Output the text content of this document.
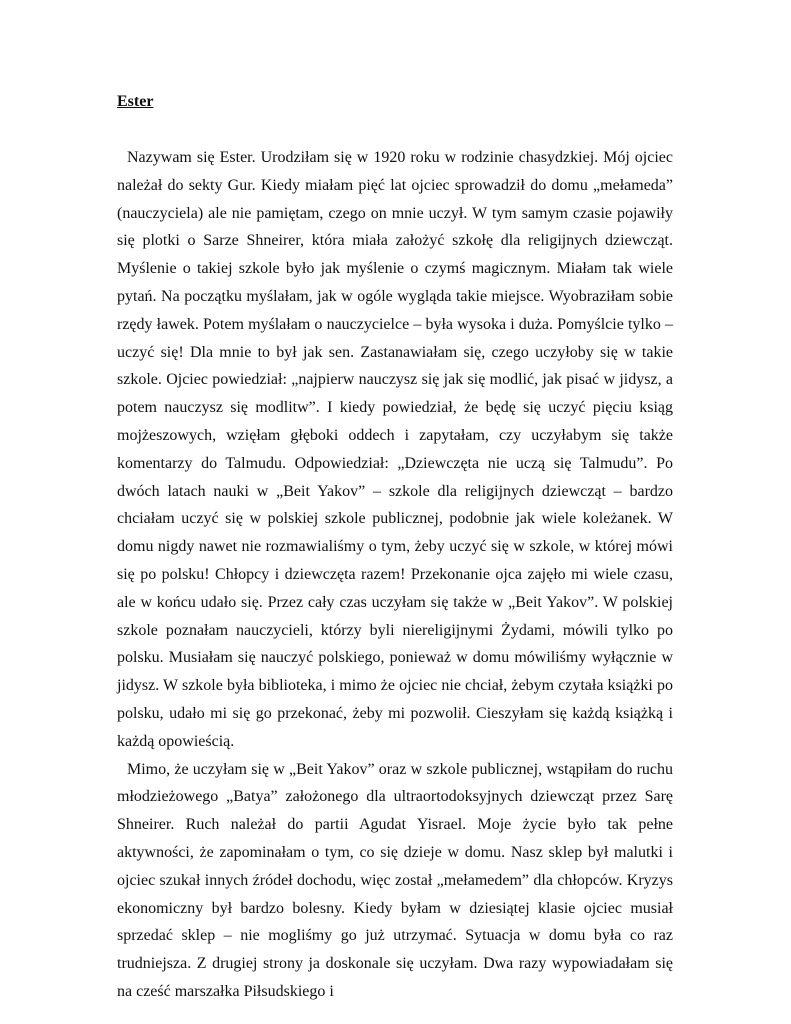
Ester

Nazywam się Ester. Urodziłam się w 1920 roku w rodzinie chasydzkiej. Mój ojciec należał do sekty Gur. Kiedy miałam pięć lat ojciec sprowadził do domu „mełameda” (nauczyciela) ale nie pamiętam, czego on mnie uczył. W tym samym czasie pojawiły się plotki o Sarze Shneirer, która miała założyć szkołę dla religijnych dziewcząt. Myślenie o takiej szkole było jak myślenie o czymś magicznym. Miałam tak wiele pytań. Na początku myślałam, jak w ogóle wygląda takie miejsce. Wyobraziłam sobie rzędy ławek. Potem myślałam o nauczycielce – była wysoka i duża. Pomyślcie tylko – uczyć się! Dla mnie to był jak sen. Zastanawiałam się, czego uczyłoby się w takie szkole. Ojciec powiedział: „najpierw nauczysz się jak się modlić, jak pisać w jidysz, a potem nauczysz się modlitw”. I kiedy powiedział, że będę się uczyć pięciu ksiąg mojżeszowych, wzięłam głęboki oddech i zapytałam, czy uczyłabym się także komentarzy do Talmudu. Odpowiedział: „Dziewczęta nie uczą się Talmudu”. Po dwóch latach nauki w „Beit Yakov” – szkole dla religijnych dziewcząt – bardzo chciałam uczyć się w polskiej szkole publicznej, podobnie jak wiele koleżanek. W domu nigdy nawet nie rozmawialiśmy o tym, żeby uczyć się w szkole, w której mówi się po polsku! Chłopcy i dziewczęta razem! Przekonanie ojca zajęło mi wiele czasu, ale w końcu udało się. Przez cały czas uczyłam się także w „Beit Yakov”. W polskiej szkole poznałam nauczycieli, którzy byli niereligijnymi Żydami, mówili tylko po polsku. Musiałam się nauczyć polskiego, ponieważ w domu mówiliśmy wyłącznie w jidysz. W szkole była biblioteka, i mimo że ojciec nie chciał, żebym czytała książki po polsku, udało mi się go przekonać, żeby mi pozwolił. Cieszyłam się każdą książką i każdą opowieścią.

Mimo, że uczyłam się w „Beit Yakov” oraz w szkole publicznej, wstąpiłam do ruchu młodzieżowego „Batya” założonego dla ultraortodoksyjnych dziewcząt przez Sarę Shneirer. Ruch należał do partii Agudat Yisrael. Moje życie było tak pełne aktywności, że zapominałam o tym, co się dzieje w domu. Nasz sklep był malutki i ojciec szukał innych źródeł dochodu, więc został „mełamedem” dla chłopców. Kryzys ekonomiczny był bardzo bolesny. Kiedy byłam w dziesiątej klasie ojciec musiał sprzedać sklep – nie mogliśmy go już utrzymać. Sytuacja w domu była co raz trudniejsza. Z drugiej strony ja doskonale się uczyłam. Dwa razy wypowiadałam się na cześć marszałka Piłsudskiego i
